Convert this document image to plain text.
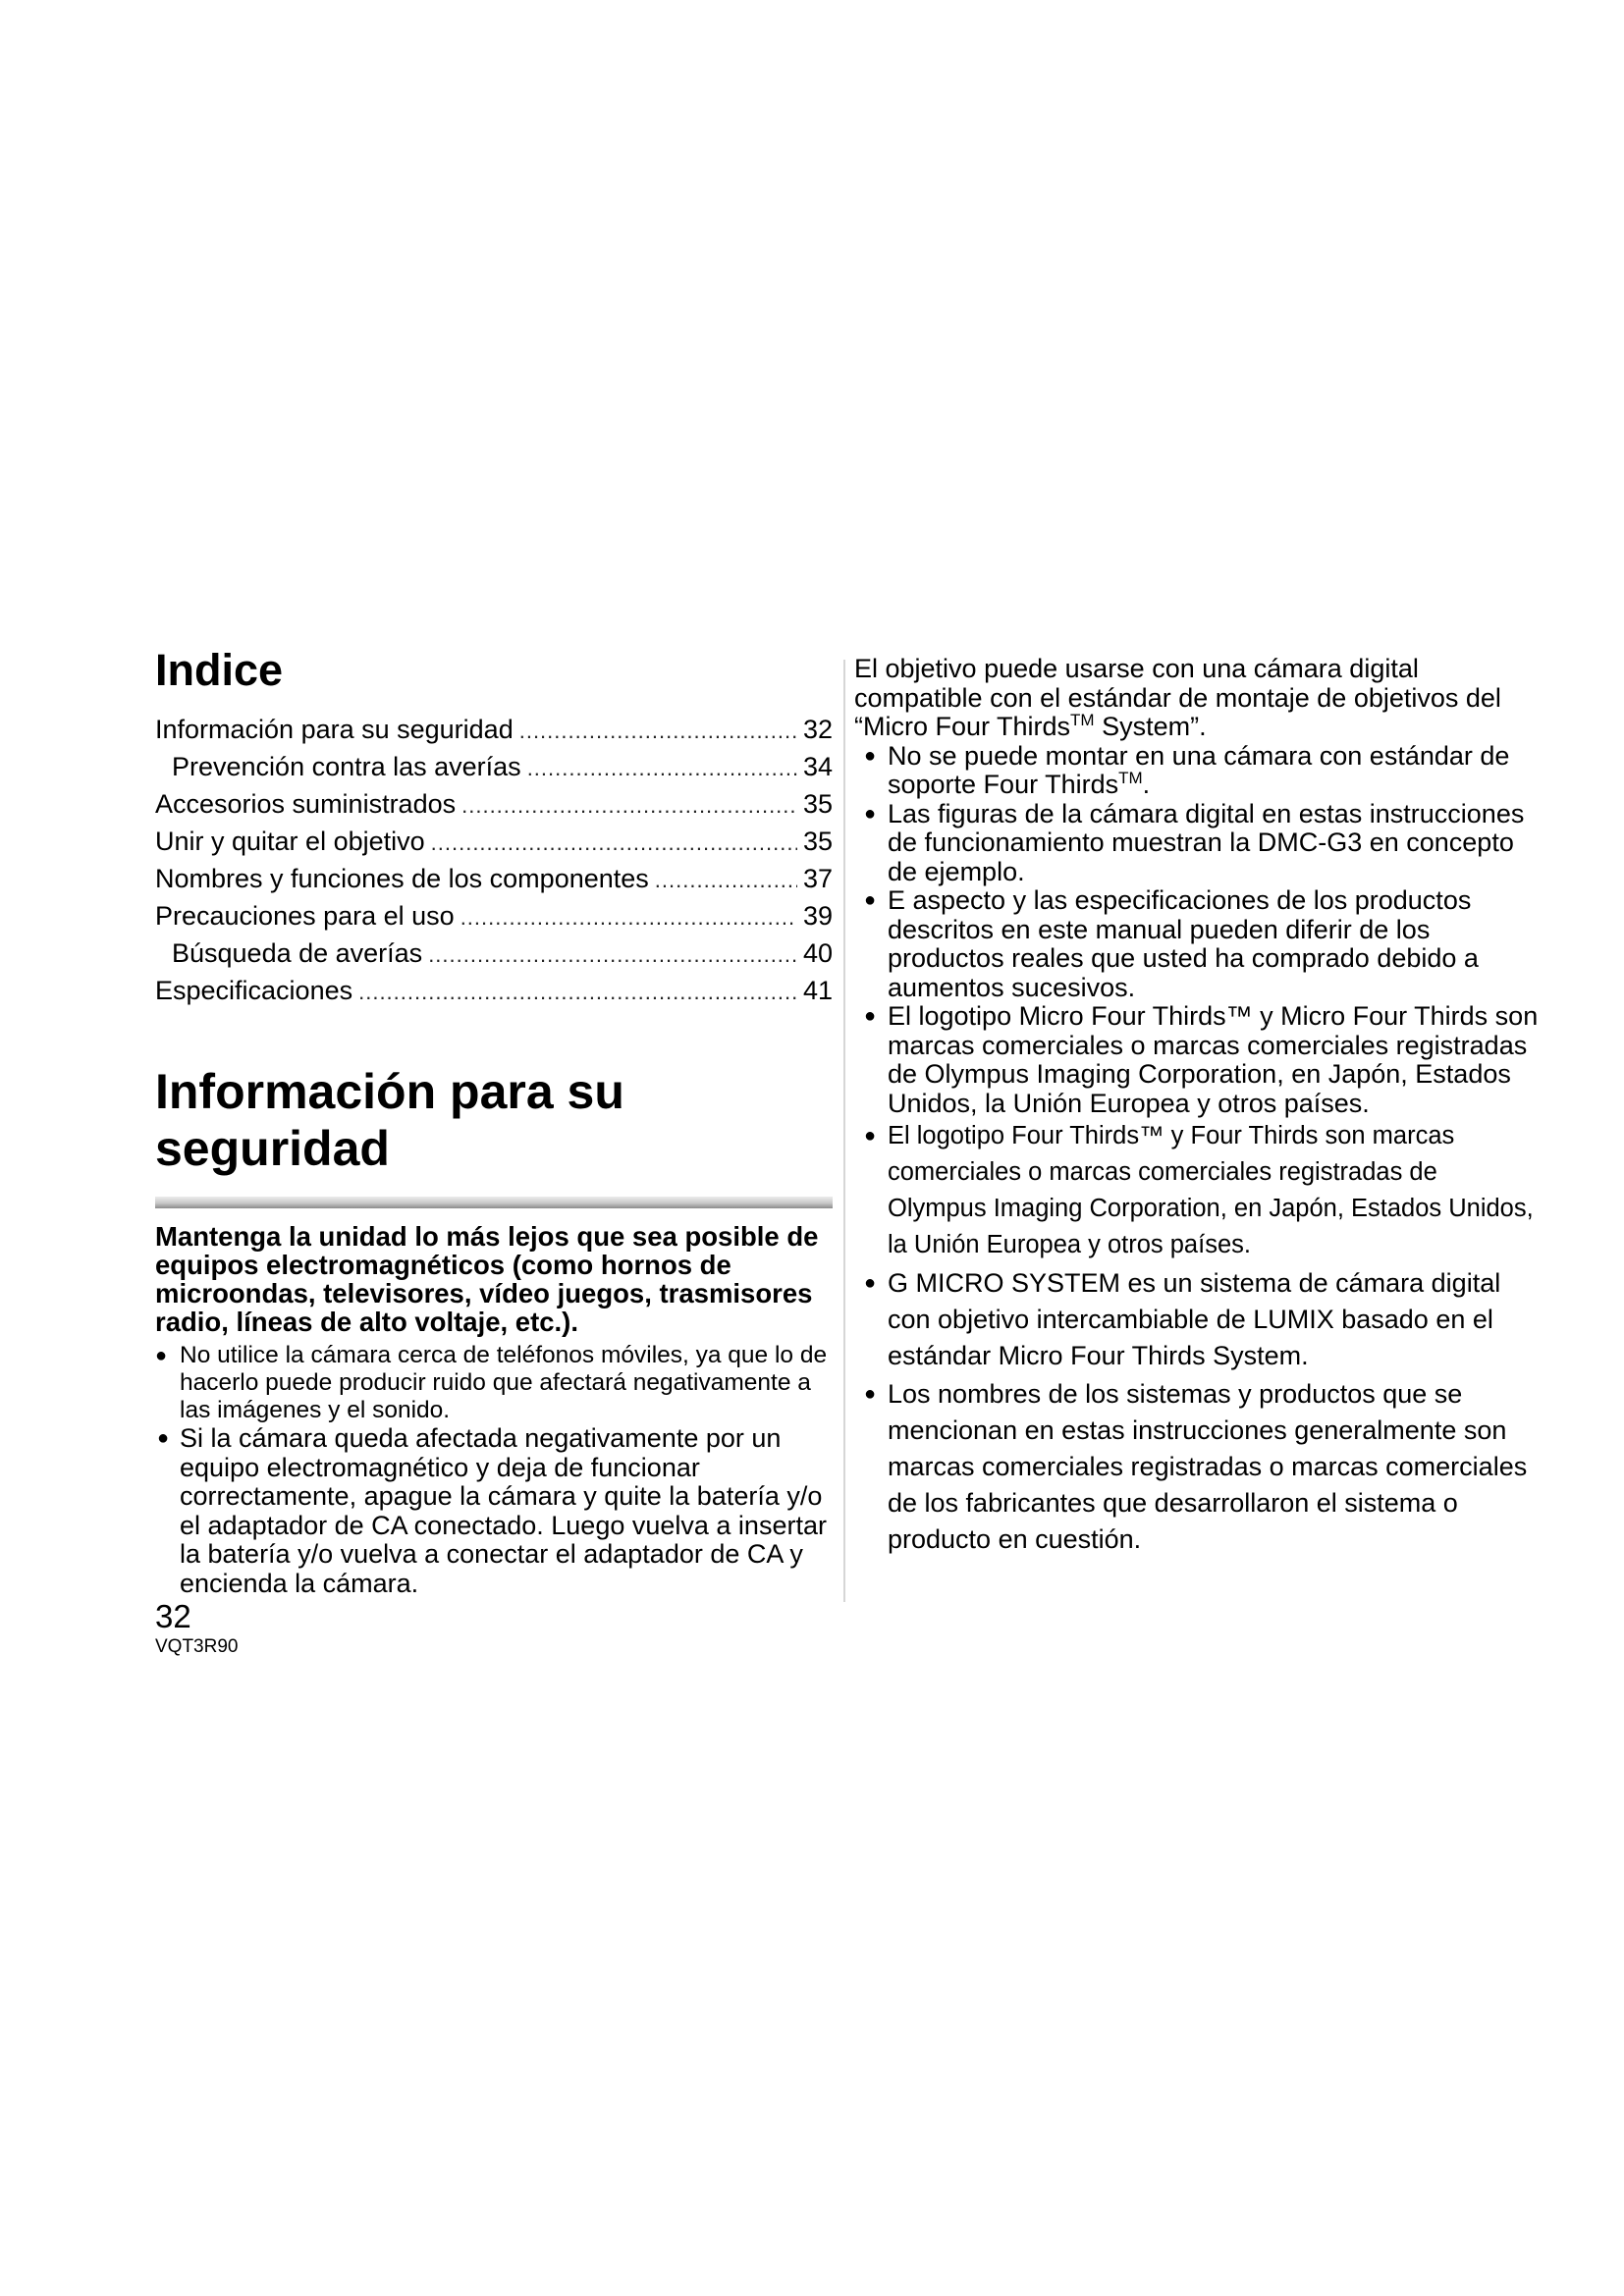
Indice
Información para su seguridad .....	32
Prevención contra las averías .....	34
Accesorios suministrados .....	35
Unir y quitar el objetivo .....	35
Nombres y funciones de los componentes .....	37
Precauciones para el uso .....	39
Búsqueda de averías .....	40
Especificaciones .....	41
Información para su seguridad

Mantenga la unidad lo más lejos que sea posible de equipos electromagnéticos (como hornos de microondas, televisores, vídeo juegos, trasmisores radio, líneas de alto voltaje, etc.).

● No utilice la cámara cerca de teléfonos móviles, ya que lo de hacerlo puede producir ruido que afectará negativamente a las imágenes y el sonido.
● Si la cámara queda afectada negativamente por un equipo electromagnético y deja de funcionar correctamente, apague la cámara y quite la batería y/o el adaptador de CA conectado. Luego vuelva a insertar la batería y/o vuelva a conectar el adaptador de CA y encienda la cámara.

El objetivo puede usarse con una cámara digital compatible con el estándar de montaje de objetivos del “Micro Four Thirds™ System”.

● No se puede montar en una cámara con estándar de soporte Four Thirds™.
● Las figuras de la cámara digital en estas instrucciones de funcionamiento muestran la DMC-G3 en concepto de ejemplo.
● E aspecto y las especificaciones de los productos descritos en este manual pueden diferir de los productos reales que usted ha comprado debido a aumentos sucesivos.
● El logotipo Micro Four Thirds™ y Micro Four Thirds son marcas comerciales o marcas comerciales registradas de Olympus Imaging Corporation, en Japón, Estados Unidos, la Unión Europea y otros países.
● El logotipo Four Thirds™ y Four Thirds son marcas comerciales o marcas comerciales registradas de Olympus Imaging Corporation, en Japón, Estados Unidos, la Unión Europea y otros países.
● G MICRO SYSTEM es un sistema de cámara digital con objetivo intercambiable de LUMIX basado en el estándar Micro Four Thirds System.
● Los nombres de los sistemas y productos que se mencionan en estas instrucciones generalmente son marcas comerciales registradas o marcas comerciales de los fabricantes que desarrollaron el sistema o producto en cuestión.
32
VQT3R90
